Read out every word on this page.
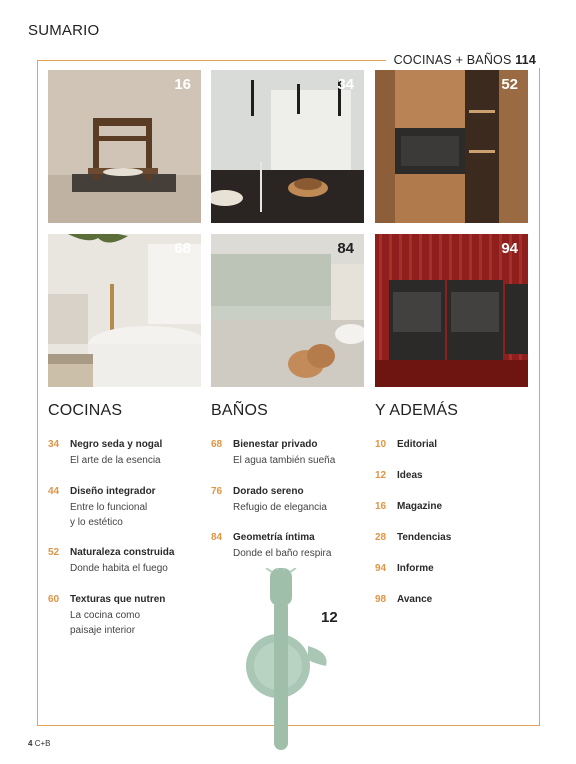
SUMARIO
COCINAS + BAÑOS 114
16	34	52
68	84	94
COCINAS
34 Negro seda y nogal
El arte de la esencia
44 Diseño integrador
Entre lo funcional
y lo estético
52 Naturaleza construida
Donde habita el fuego
60 Texturas que nutren
La cocina como
paisaje interior
BAÑOS
68 Bienestar privado
El agua también sueña
76 Dorado sereno
Refugio de elegancia
84 Geometría íntima
Donde el baño respira
Y ADEMÁS
10 Editorial
12 Ideas
16 Magazine
28 Tendencias
94 Informe
98 Avance
12
4 C+B
